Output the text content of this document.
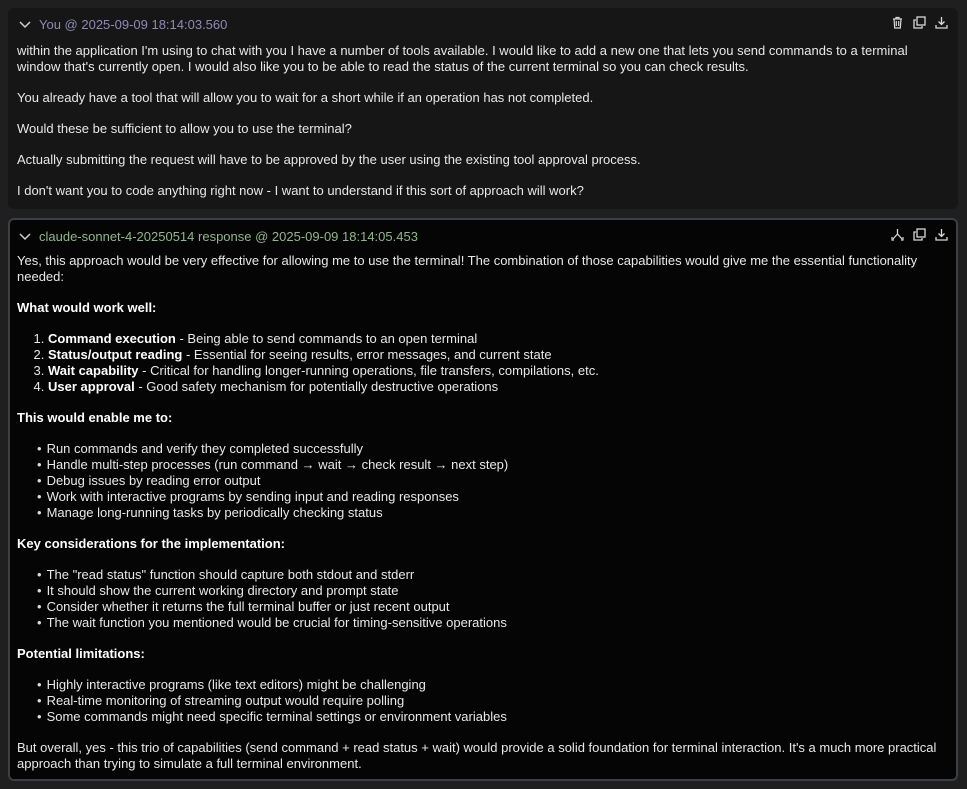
You @ 2025-09-09 18:14:03.560

within the application I'm using to chat with you I have a number of tools available. I would like to add a new one that lets you send commands to a terminal window that's currently open. I would also like you to be able to read the status of the current terminal so you can check results.

You already have a tool that will allow you to wait for a short while if an operation has not completed.

Would these be sufficient to allow you to use the terminal?

Actually submitting the request will have to be approved by the user using the existing tool approval process.

I don't want you to code anything right now - I want to understand if this sort of approach will work?

claude-sonnet-4-20250514 response @ 2025-09-09 18:14:05.453

Yes, this approach would be very effective for allowing me to use the terminal! The combination of those capabilities would give me the essential functionality needed:

What would work well:
1. Command execution - Being able to send commands to an open terminal
2. Status/output reading - Essential for seeing results, error messages, and current state
3. Wait capability - Critical for handling longer-running operations, file transfers, compilations, etc.
4. User approval - Good safety mechanism for potentially destructive operations
This would enable me to:
• Run commands and verify they completed successfully
• Handle multi-step processes (run command → wait → check result → next step)
• Debug issues by reading error output
• Work with interactive programs by sending input and reading responses
• Manage long-running tasks by periodically checking status
Key considerations for the implementation:
• The "read status" function should capture both stdout and stderr
• It should show the current working directory and prompt state
• Consider whether it returns the full terminal buffer or just recent output
• The wait function you mentioned would be crucial for timing-sensitive operations
Potential limitations:
• Highly interactive programs (like text editors) might be challenging
• Real-time monitoring of streaming output would require polling
• Some commands might need specific terminal settings or environment variables

But overall, yes - this trio of capabilities (send command + read status + wait) would provide a solid foundation for terminal interaction. It's a much more practical approach than trying to simulate a full terminal environment.
